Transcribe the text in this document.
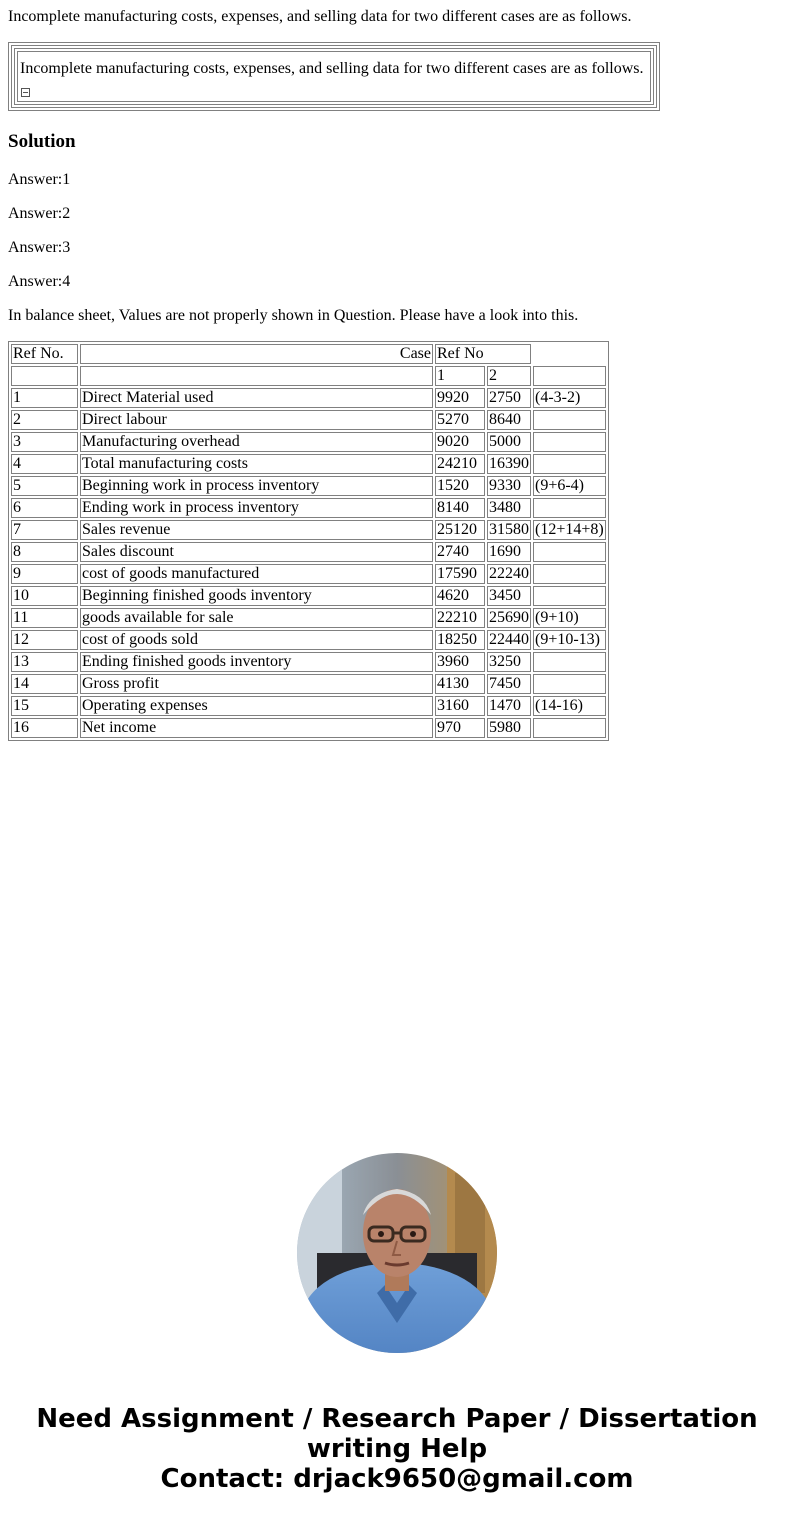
Incomplete manufacturing costs, expenses, and selling data for two different cases are as follows.

Incomplete manufacturing costs, expenses, and selling data for two different cases are as follows.
Solution

Answer:1

Answer:2

Answer:3

Answer:4

In balance sheet, Values are not properly shown in Question. Please have a look into this.

Ref No.	Case	Ref No		
		1	2	
1	Direct Material used	9920	2750	(4-3-2)
2	Direct labour	5270	8640	
3	Manufacturing overhead	9020	5000	
4	Total manufacturing costs	24210	16390	
5	Beginning work in process inventory	1520	9330	(9+6-4)
6	Ending work in process inventory	8140	3480	
7	Sales revenue	25120	31580	(12+14+8)
8	Sales discount	2740	1690	
9	cost of goods manufactured	17590	22240	
10	Beginning finished goods inventory	4620	3450	
11	goods available for sale	22210	25690	(9+10)
12	cost of goods sold	18250	22440	(9+10-13)
13	Ending finished goods inventory	3960	3250	
14	Gross profit	4130	7450	
15	Operating expenses	3160	1470	(14-16)
16	Net income	970	5980	
Need Assignment / Research Paper / Dissertation
writing Help
Contact: drjack9650@gmail.com
